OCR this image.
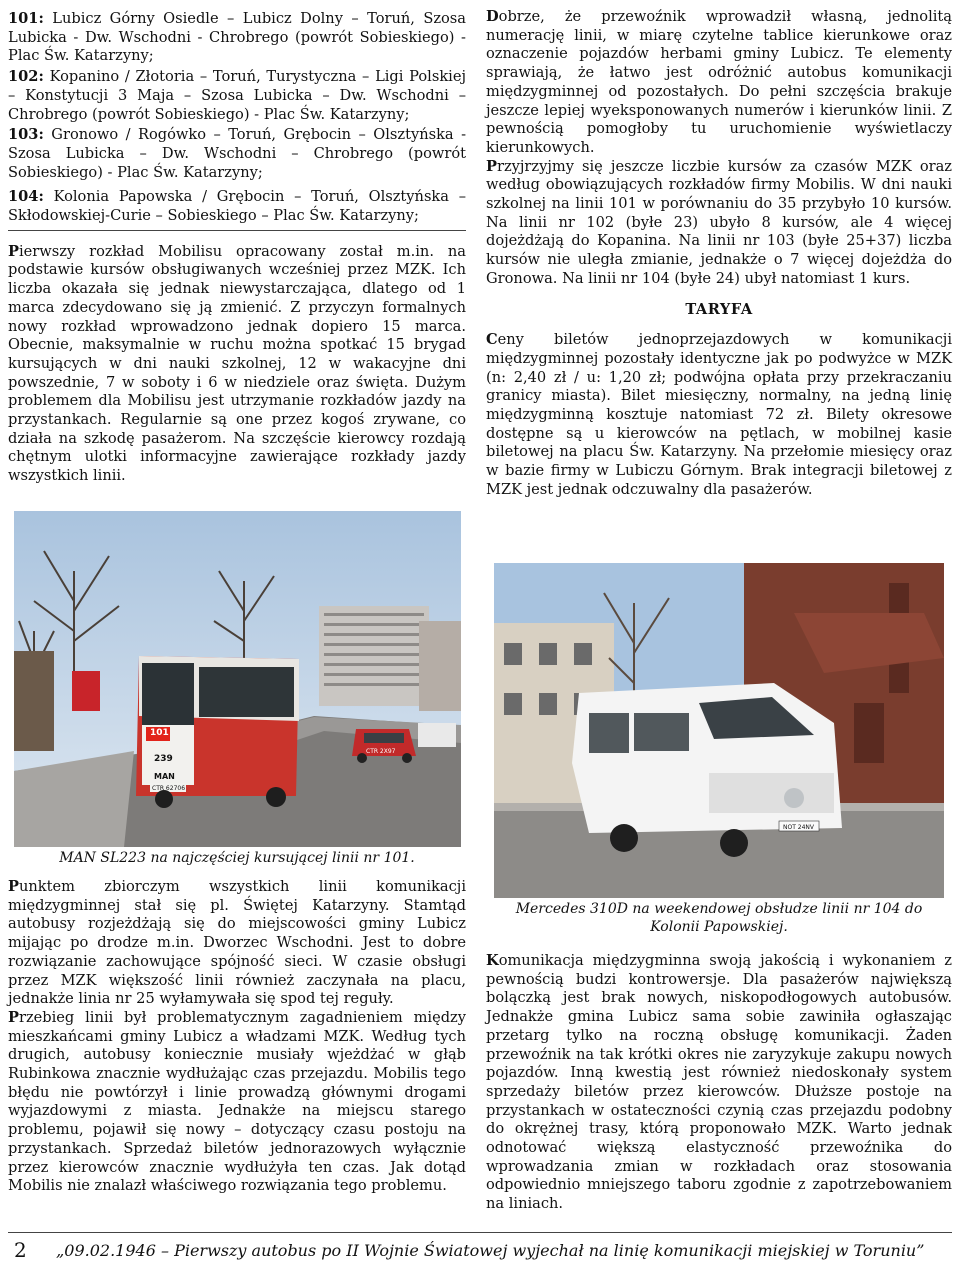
101: Lubicz Górny Osiedle – Lubicz Dolny – Toruń, Szosa Lubicka - Dw. Wschodni - Chrobrego (powrót Sobieskiego) - Plac Św. Katarzyny;

102: Kopanino / Złotoria – Toruń, Turystyczna – Ligi Polskiej – Konstytucji 3 Maja – Szosa Lubicka – Dw. Wschodni – Chrobrego (powrót Sobieskiego) - Plac Św. Katarzyny;

103: Gronowo / Rogówko – Toruń, Grębocin – Olsztyńska - Szosa Lubicka – Dw. Wschodni – Chrobrego (powrót Sobieskiego) - Plac Św. Katarzyny;

104: Kolonia Papowska / Grębocin – Toruń, Olsztyńska – Skłodowskiej-Curie – Sobieskiego – Plac Św. Katarzyny;

Pierwszy rozkład Mobilisu opracowany został m.in. na podstawie kursów obsługiwanych wcześniej przez MZK. Ich liczba okazała się jednak niewystarczająca, dlatego od 1 marca zdecydowano się ją zmienić. Z przyczyn formalnych nowy rozkład wprowadzono jednak dopiero 15 marca. Obecnie, maksymalnie w ruchu można spotkać 15 brygad kursujących w dni nauki szkolnej, 12 w wakacyjne dni powszednie, 7 w soboty i 6 w niedziele oraz święta. Dużym problemem dla Mobilisu jest utrzymanie rozkładów jazdy na przystankach. Regularnie są one przez kogoś zrywane, co działa na szkodę pasażerom. Na szczęście kierowcy rozdają chętnym ulotki informacyjne zawierające rozkłady jazdy wszystkich linii.

101
239
MAN
CTR 62706
CTR 2X97
MAN SL223 na najczęściej kursującej linii nr 101.

Punktem zbiorczym wszystkich linii komunikacji międzygminnej stał się pl. Świętej Katarzyny. Stamtąd autobusy rozjeżdżają się do miejscowości gminy Lubicz mijając po drodze m.in. Dworzec Wschodni. Jest to dobre rozwiązanie zachowujące spójność sieci. W czasie obsługi przez MZK większość linii również zaczynała na placu, jednakże linia nr 25 wyłamywała się spod tej reguły.

Przebieg linii był problematycznym zagadnieniem między mieszkańcami gminy Lubicz a władzami MZK. Według tych drugich, autobusy koniecznie musiały wjeżdżać w głąb Rubinkowa znacznie wydłużając czas przejazdu. Mobilis tego błędu nie powtórzył i linie prowadzą głównymi drogami wyjazdowymi z miasta. Jednakże na miejscu starego problemu, pojawił się nowy – dotyczący czasu postoju na przystankach. Sprzedaż biletów jednorazowych wyłącznie przez kierowców znacznie wydłużyła ten czas. Jak dotąd Mobilis nie znalazł właściwego rozwiązania tego problemu.

Dobrze, że przewoźnik wprowadził własną, jednolitą numerację linii, w miarę czytelne tablice kierunkowe oraz oznaczenie pojazdów herbami gminy Lubicz. Te elementy sprawiają, że łatwo jest odróżnić autobus komunikacji międzygminnej od pozostałych. Do pełni szczęścia brakuje jeszcze lepiej wyeksponowanych numerów i kierunków linii. Z pewnością pomogłoby tu uruchomienie wyświetlaczy kierunkowych.

Przyjrzyjmy się jeszcze liczbie kursów za czasów MZK oraz według obowiązujących rozkładów firmy Mobilis. W dni nauki szkolnej na linii 101 w porównaniu do 35 przybyło 10 kursów. Na linii nr 102 (byłe 23) ubyło 8 kursów, ale 4 więcej dojeżdżają do Kopanina. Na linii nr 103 (byłe 25+37) liczba kursów nie uległa zmianie, jednakże o 7 więcej dojeżdża do Gronowa. Na linii nr 104 (byłe 24) ubył natomiast 1 kurs.

TARYFA

Ceny biletów jednoprzejazdowych w komunikacji międzygminnej pozostały identyczne jak po podwyżce w MZK (n: 2,40 zł / u: 1,20 zł; podwójna opłata przy przekraczaniu granicy miasta). Bilet miesięczny, normalny, na jedną linię międzygminną kosztuje natomiast 72 zł. Bilety okresowe dostępne są u kierowców na pętlach, w mobilnej kasie biletowej na placu Św. Katarzyny. Na przełomie miesięcy oraz w bazie firmy w Lubiczu Górnym. Brak integracji biletowej z MZK jest jednak odczuwalny dla pasażerów.

NOT 24NV
Mercedes 310D na weekendowej obsłudze linii nr 104 do Kolonii Papowskiej.

Komunikacja międzygminna swoją jakością i wykonaniem z pewnością budzi kontrowersje. Dla pasażerów największą bolączką jest brak nowych, niskopodłogowych autobusów. Jednakże gmina Lubicz sama sobie zawiniła ogłaszając przetarg tylko na roczną obsługę komunikacji. Żaden przewoźnik na tak krótki okres nie zaryzykuje zakupu nowych pojazdów. Inną kwestią jest również niedoskonały system sprzedaży biletów przez kierowców. Dłuższe postoje na przystankach w ostateczności czynią czas przejazdu podobny do okrężnej trasy, którą proponowało MZK. Warto jednak odnotować większą elastyczność przewoźnika do wprowadzania zmian w rozkładach oraz stosowania odpowiednio mniejszego taboru zgodnie z zapotrzebowaniem na liniach.

2 „09.02.1946 – Pierwszy autobus po II Wojnie Światowej wyjechał na linię komunikacji miejskiej w Toruniu”
